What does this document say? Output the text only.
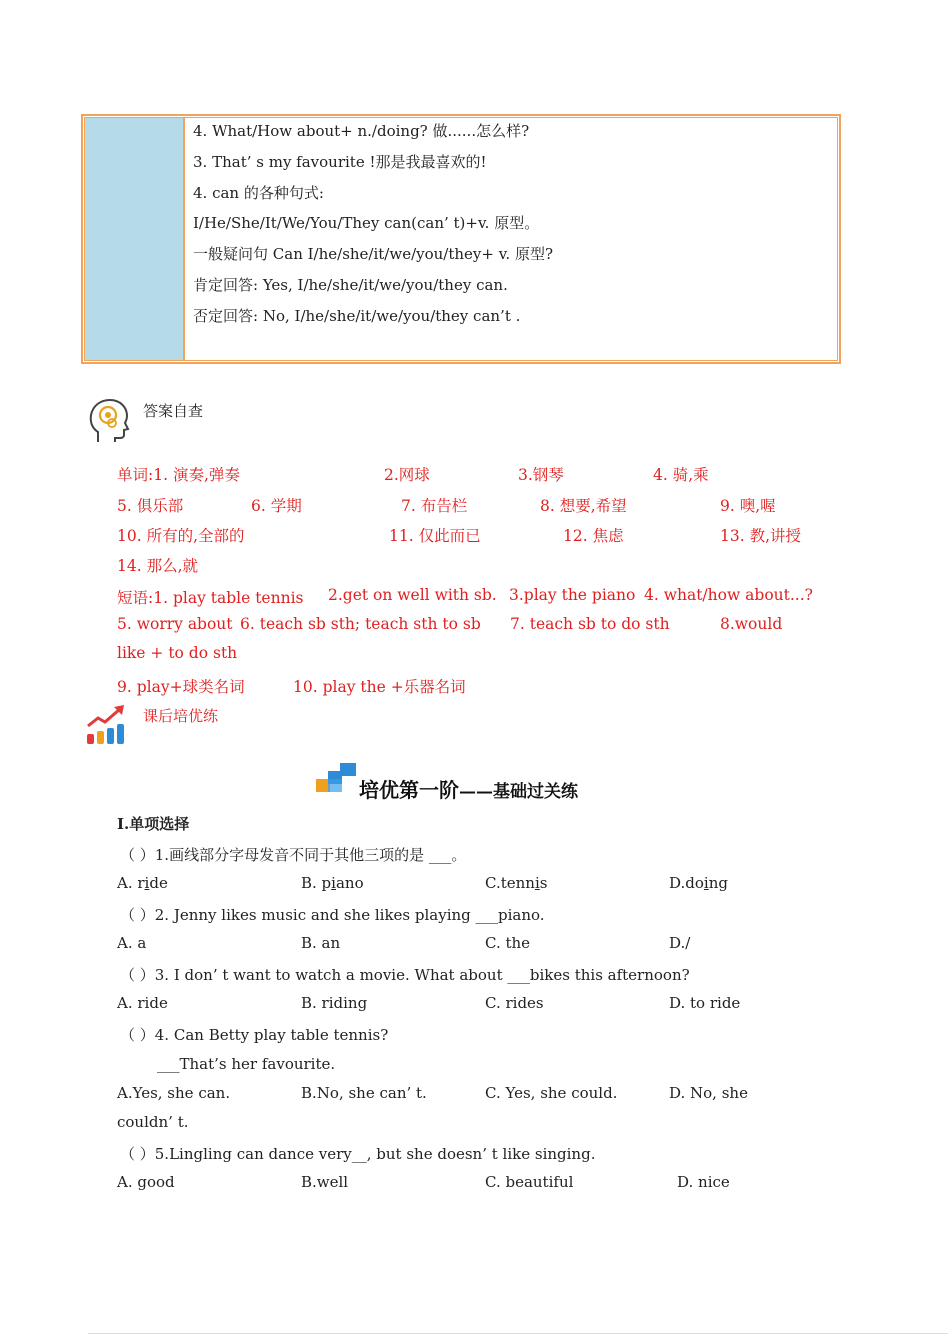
4. What/How about+ n./doing? 做......怎么样?
3. That’ s my favourite !那是我最喜欢的!
4. can 的各种句式:
I/He/She/It/We/You/They can(can’ t)+v. 原型。
一般疑问句 Can I/he/she/it/we/you/they+ v. 原型?
肯定回答: Yes, I/he/she/it/we/you/they can.
否定回答: No, I/he/she/it/we/you/they can’t .
答案自查
单词:1. 演奏,弹奏	2.网球	3.钢琴	4. 骑,乘
5. 俱乐部	6. 学期	7. 布告栏	8. 想要,希望	9. 噢,喔
10. 所有的,全部的	11. 仅此而已	12. 焦虑	13. 教,讲授
14. 那么,就
短语:1. play table tennis 2.get on well with sb. 3.play the piano 4. what/how about...?
5. worry about 6. teach sb sth; teach sth to sb 7. teach sb to do sth	8.would
like + to do sth
9. play+球类名词	10. play the +乐器名词
课后培优练
培优第一阶——基础过关练
Ⅰ.单项选择
（ ）1.画线部分字母发音不同于其他三项的是 ___。
A. ride	B. piano	C.tennis	D.doing
（ ）2. Jenny likes music and she likes playing ___piano.
A. a	B. an	C. the	D./
（ ）3. I don’ t want to watch a movie. What about ___bikes this afternoon?
A. ride	B. riding	C. rides	D. to ride
（ ）4. Can Betty play table tennis?
___That’s her favourite.
A.Yes, she can.	B.No, she can’ t.	C. Yes, she could.	D. No, she
couldn’ t.
（ ）5.Lingling can dance very__, but she doesn’ t like singing.
A. good	B.well	C. beautiful	D. nice
